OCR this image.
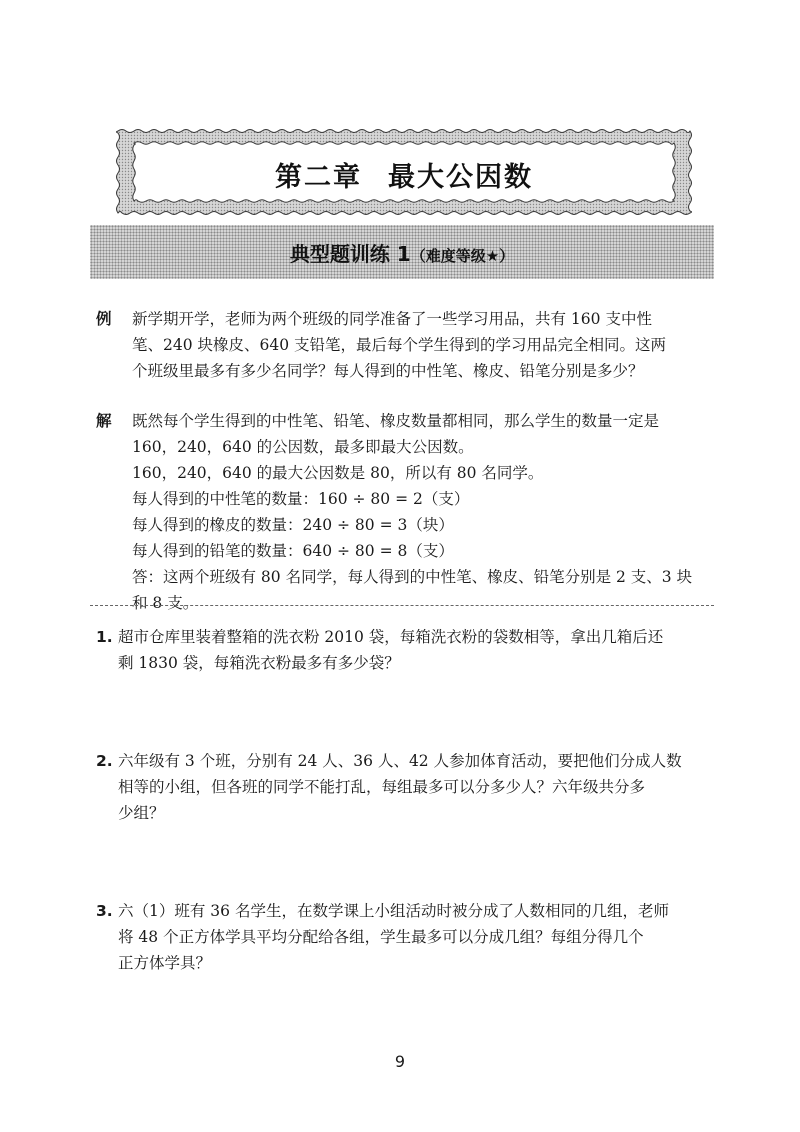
第二章 最大公因数
典型题训练 1（难度等级★）
例 新学期开学，老师为两个班级的同学准备了一些学习用品，共有 160 支中性
笔、240 块橡皮、640 支铅笔，最后每个学生得到的学习用品完全相同。这两
个班级里最多有多少名同学？每人得到的中性笔、橡皮、铅笔分别是多少？
解 既然每个学生得到的中性笔、铅笔、橡皮数量都相同，那么学生的数量一定是
160，240，640 的公因数，最多即最大公因数。
160，240，640 的最大公因数是 80，所以有 80 名同学。
每人得到的中性笔的数量：160 ÷ 80 = 2（支）
每人得到的橡皮的数量：240 ÷ 80 = 3（块）
每人得到的铅笔的数量：640 ÷ 80 = 8（支）
答：这两个班级有 80 名同学，每人得到的中性笔、橡皮、铅笔分别是 2 支、3 块
和 8 支。
1. 超市仓库里装着整箱的洗衣粉 2010 袋，每箱洗衣粉的袋数相等，拿出几箱后还
剩 1830 袋，每箱洗衣粉最多有多少袋？
2. 六年级有 3 个班，分别有 24 人、36 人、42 人参加体育活动，要把他们分成人数
相等的小组，但各班的同学不能打乱，每组最多可以分多少人？六年级共分多
少组？
3. 六（1）班有 36 名学生，在数学课上小组活动时被分成了人数相同的几组，老师
将 48 个正方体学具平均分配给各组，学生最多可以分成几组？每组分得几个
正方体学具？
9
